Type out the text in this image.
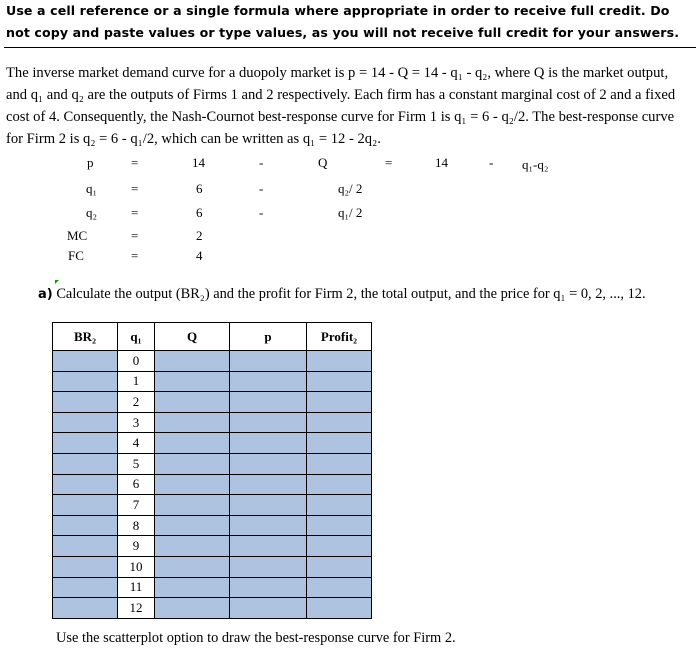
Use a cell reference or a single formula where appropriate in order to receive full credit. Do not copy and paste values or type values, as you will not receive full credit for your answers.
The inverse market demand curve for a duopoly market is p = 14 - Q = 14 - q₁ - q₂, where Q is the market output,
and q₁ and q₂ are the outputs of Firms 1 and 2 respectively. Each firm has a constant marginal cost of 2 and a fixed
cost of 4. Consequently, the Nash-Cournot best-response curve for Firm 1 is q₁ = 6 - q₂/2. The best-response curve
for Firm 2 is q₂ = 6 - q₁/2, which can be written as q₁ = 12 - 2q₂.
p	=	14	-	Q	=	14	- q₁-q₂
q₁	=	6	-	q₂/ 2
q₂	=	6	-	q₁/ 2
MC	=	2
FC	=	4
a) Calculate the output (BR₂) and the profit for Firm 2, the total output, and the price for q₁ = 0, 2, ..., 12.
BR₂	q₁	Q	p	Profit₂
	0			
	1			
	2			
	3			
	4			
	5			
	6			
	7			
	8			
	9			
	10			
	11			
	12			
Use the scatterplot option to draw the best-response curve for Firm 2.
